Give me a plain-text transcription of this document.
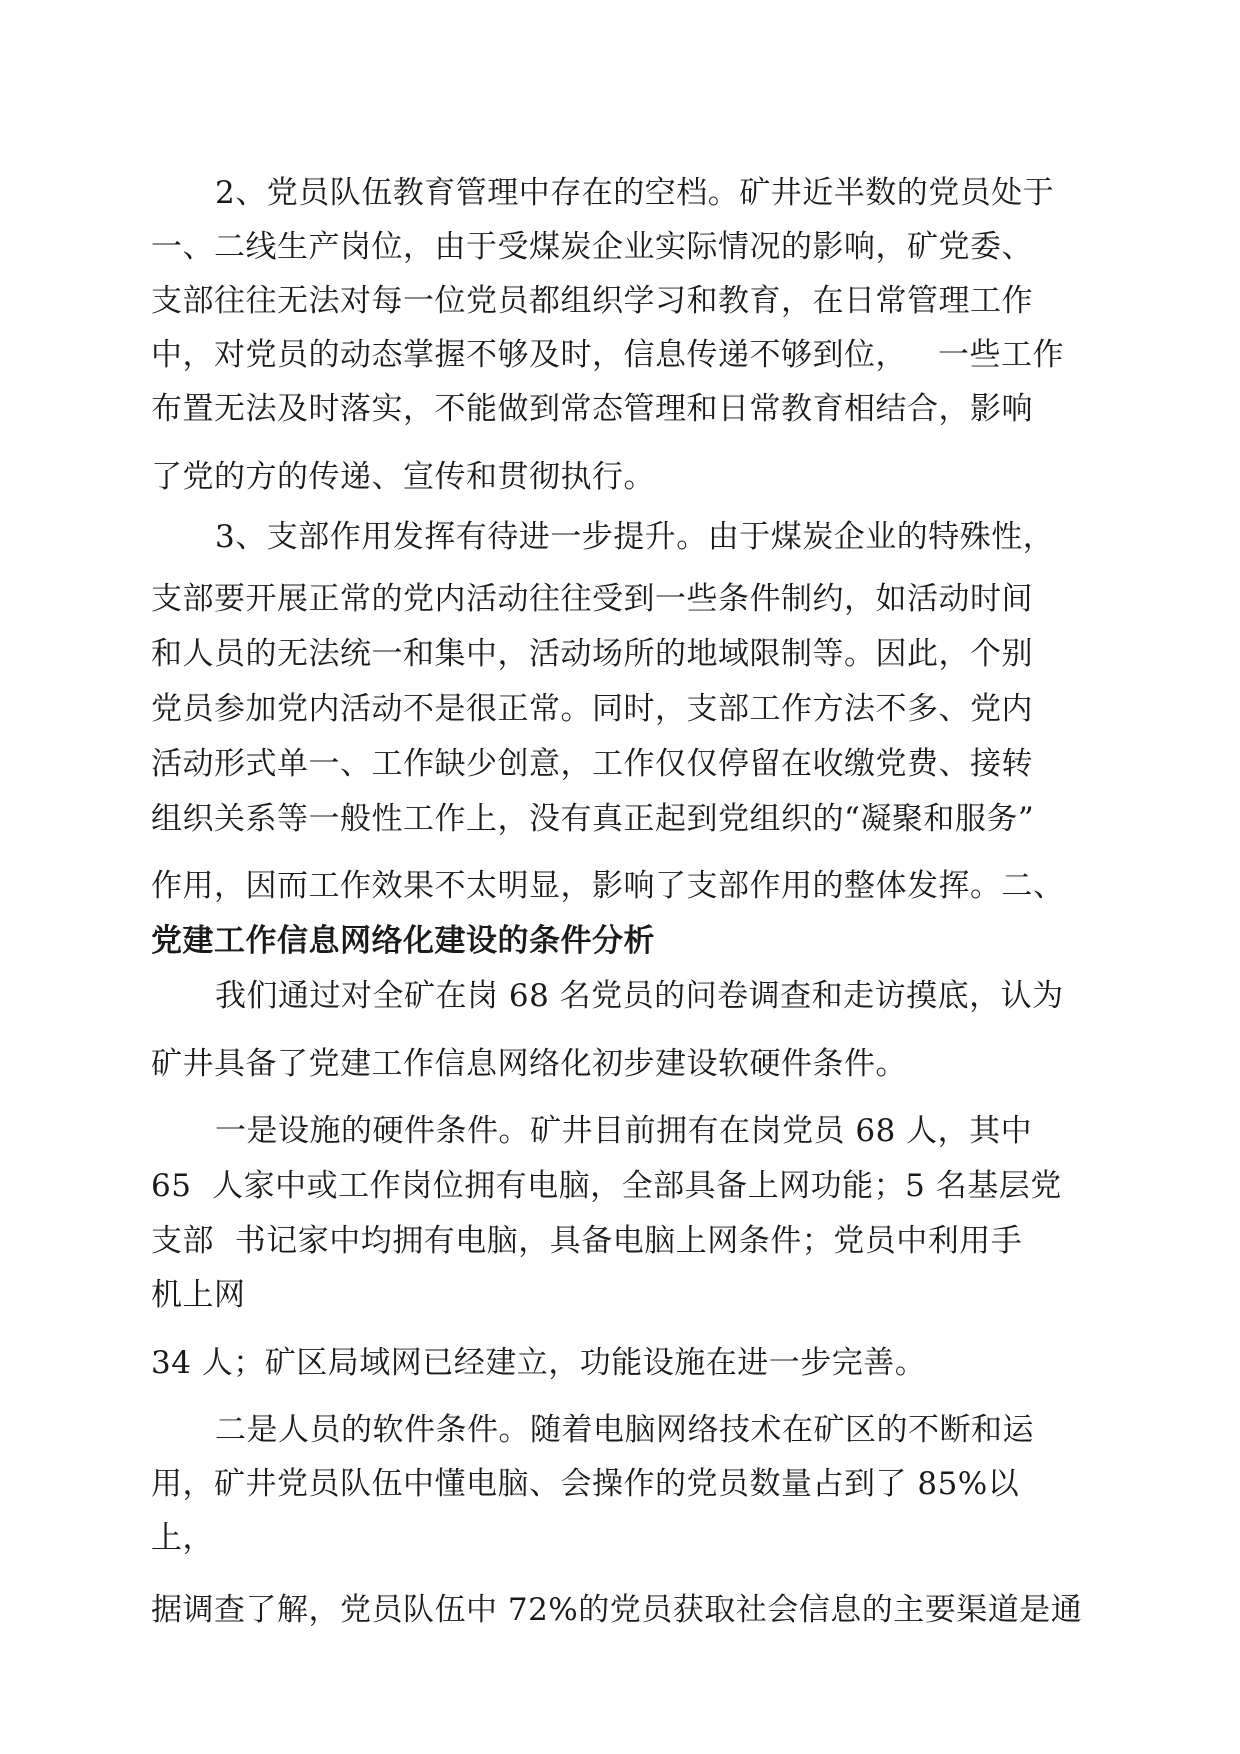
2、党员队伍教育管理中存在的空档。矿井近半数的党员处于
一、二线生产岗位，由于受煤炭企业实际情况的影响，矿党委、
支部往往无法对每一位党员都组织学习和教育，在日常管理工作
中，对党员的动态掌握不够及时，信息传递不够到位，   一些工作
布置无法及时落实，不能做到常态管理和日常教育相结合，影响
了党的方的传递、宣传和贯彻执行。
3、支部作用发挥有待进一步提升。由于煤炭企业的特殊性，
支部要开展正常的党内活动往往受到一些条件制约，如活动时间
和人员的无法统一和集中，活动场所的地域限制等。因此，个别
党员参加党内活动不是很正常。同时，支部工作方法不多、党内
活动形式单一、工作缺少创意，工作仅仅停留在收缴党费、接转
组织关系等一般性工作上，没有真正起到党组织的“凝聚和服务”
作用，因而工作效果不太明显，影响了支部作用的整体发挥。二、
党建工作信息网络化建设的条件分析
我们通过对全矿在岗 68 名党员的问卷调查和走访摸底，认为
矿井具备了党建工作信息网络化初步建设软硬件条件。
一是设施的硬件条件。矿井目前拥有在岗党员 68 人，其中
65  人家中或工作岗位拥有电脑，全部具备上网功能；5 名基层党
支部  书记家中均拥有电脑，具备电脑上网条件；党员中利用手
机上网
34 人；矿区局域网已经建立，功能设施在进一步完善。
二是人员的软件条件。随着电脑网络技术在矿区的不断和运
用，矿井党员队伍中懂电脑、会操作的党员数量占到了 85%以
上，
据调查了解，党员队伍中 72%的党员获取社会信息的主要渠道是通
